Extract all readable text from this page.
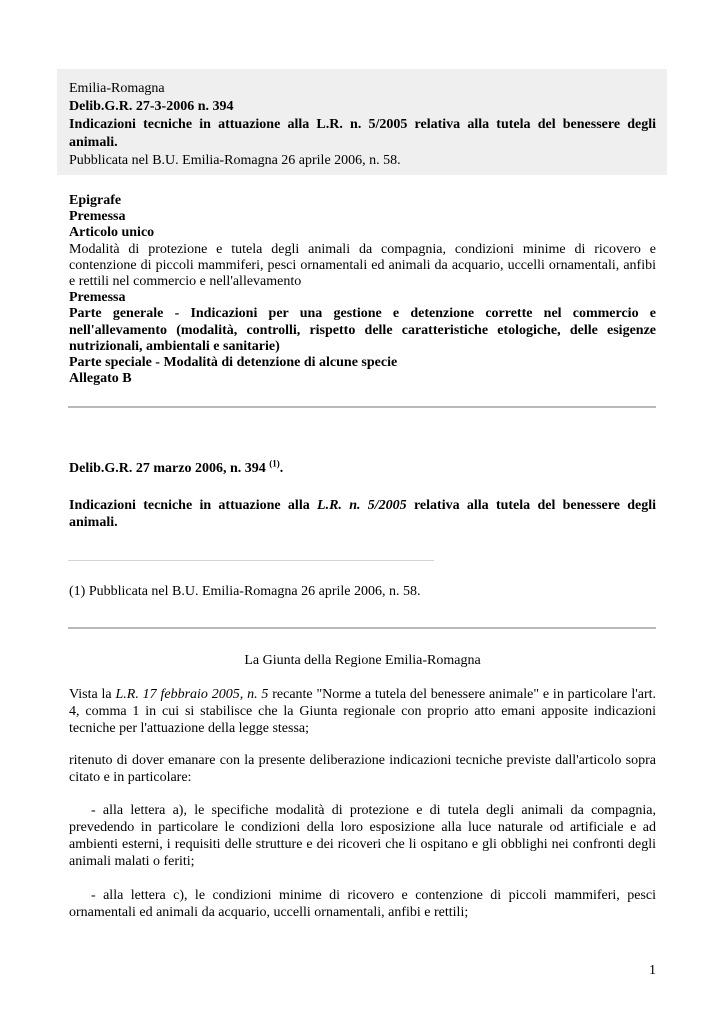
Emilia-Romagna
Delib.G.R. 27-3-2006 n. 394
Indicazioni tecniche in attuazione alla L.R. n. 5/2005 relativa alla tutela del benessere degli animali.
Pubblicata nel B.U. Emilia-Romagna 26 aprile 2006, n. 58.
Epigrafe
Premessa
Articolo unico
Modalità di protezione e tutela degli animali da compagnia, condizioni minime di ricovero e contenzione di piccoli mammiferi, pesci ornamentali ed animali da acquario, uccelli ornamentali, anfibi e rettili nel commercio e nell'allevamento
Premessa
Parte generale - Indicazioni per una gestione e detenzione corrette nel commercio e nell'allevamento (modalità, controlli, rispetto delle caratteristiche etologiche, delle esigenze nutrizionali, ambientali e sanitarie)
Parte speciale - Modalità di detenzione di alcune specie
Allegato B
Delib.G.R. 27 marzo 2006, n. 394 $^{(1)}$.
Indicazioni tecniche in attuazione alla L.R. n. 5/2005 relativa alla tutela del benessere degli animali.
(1) Pubblicata nel B.U. Emilia-Romagna 26 aprile 2006, n. 58.
La Giunta della Regione Emilia-Romagna
Vista la L.R. 17 febbraio 2005, n. 5 recante "Norme a tutela del benessere animale" e in particolare l'art. 4, comma 1 in cui si stabilisce che la Giunta regionale con proprio atto emani apposite indicazioni tecniche per l'attuazione della legge stessa;
ritenuto di dover emanare con la presente deliberazione indicazioni tecniche previste dall'articolo sopra citato e in particolare:
- alla lettera a), le specifiche modalità di protezione e di tutela degli animali da compagnia, prevedendo in particolare le condizioni della loro esposizione alla luce naturale od artificiale e ad ambienti esterni, i requisiti delle strutture e dei ricoveri che li ospitano e gli obblighi nei confronti degli animali malati o feriti;
- alla lettera c), le condizioni minime di ricovero e contenzione di piccoli mammiferi, pesci ornamentali ed animali da acquario, uccelli ornamentali, anfibi e rettili;
1
